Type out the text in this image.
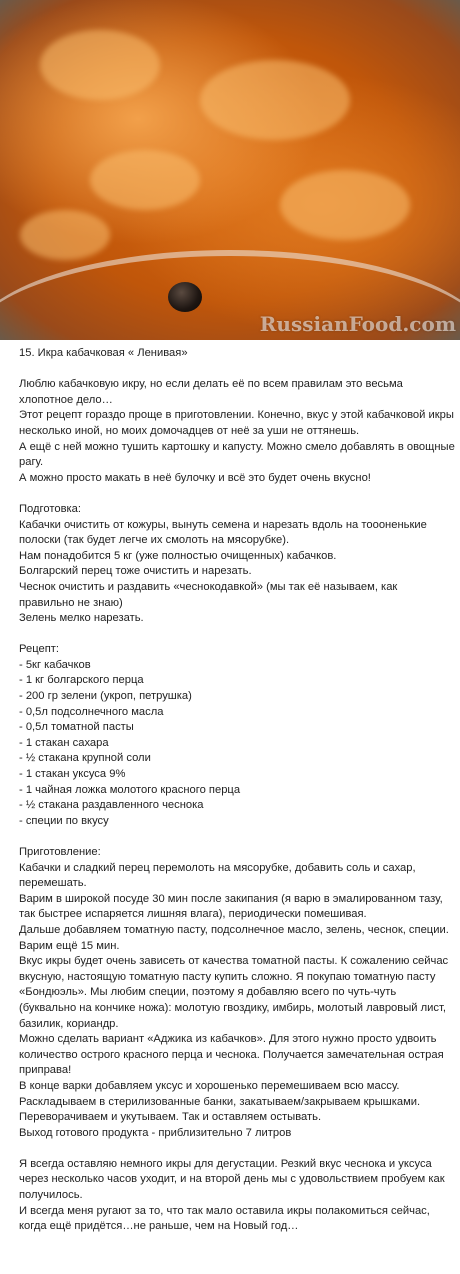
RussianFood.com

15. Икра кабачковая « Ленивая»

Люблю кабачковую икру, но если делать её по всем правилам это весьма хлопотное дело…

Этот рецепт гораздо проще в приготовлении. Конечно, вкус у этой кабачковой икры несколько иной, но моих домочадцев от неё за уши не оттянешь.

А ещё с ней можно тушить картошку и капусту. Можно смело добавлять в овощные рагу.

А можно просто макать в неё булочку и всё это будет очень вкусно!

Подготовка:

Кабачки очистить от кожуры, вынуть семена и нарезать вдоль на тоооненькие полоски (так будет легче их смолоть на мясорубке).

Нам понадобится 5 кг (уже полностью очищенных) кабачков.

Болгарский перец тоже очистить и нарезать.

Чеснок очистить и раздавить «чеснокодавкой» (мы так её называем, как правильно не знаю)

Зелень мелко нарезать.

Рецепт:

- 5кг кабачков

- 1 кг болгарского перца

- 200 гр зелени (укроп, петрушка)

- 0,5л подсолнечного масла

- 0,5л томатной пасты

- 1 стакан сахара

- ½ стакана крупной соли

- 1 стакан уксуса 9%

- 1 чайная ложка молотого красного перца

- ½ стакана раздавленного чеснока

- специи по вкусу

Приготовление:

Кабачки и сладкий перец перемолоть на мясорубке, добавить соль и сахар, перемешать.

Варим в широкой посуде 30 мин после закипания (я варю в эмалированном тазу, так быстрее испаряется лишняя влага), периодически помешивая.

Дальше добавляем томатную пасту, подсолнечное масло, зелень, чеснок, специи. Варим ещё 15 мин.

Вкус икры будет очень зависеть от качества томатной пасты. К сожалению сейчас вкусную, настоящую томатную пасту купить сложно. Я покупаю томатную пасту «Бондюэль». Мы любим специи, поэтому я добавляю всего по чуть-чуть (буквально на кончике ножа): молотую гвоздику, имбирь, молотый лавровый лист, базилик, кориандр.

Можно сделать вариант «Аджика из кабачков». Для этого нужно просто удвоить количество острого красного перца и чеснока. Получается замечательная острая приправа!

В конце варки добавляем уксус и хорошенько перемешиваем всю массу.

Раскладываем в стерилизованные банки, закатываем/закрываем крышками. Переворачиваем и укутываем. Так и оставляем остывать.

Выход готового продукта - приблизительно 7 литров

Я всегда оставляю немного икры для дегустации. Резкий вкус чеснока и уксуса через несколько часов уходит, и на второй день мы с удовольствием пробуем как получилось.

И всегда меня ругают за то, что так мало оставила икры полакомиться сейчас, когда ещё придётся…не раньше, чем на Новый год…
